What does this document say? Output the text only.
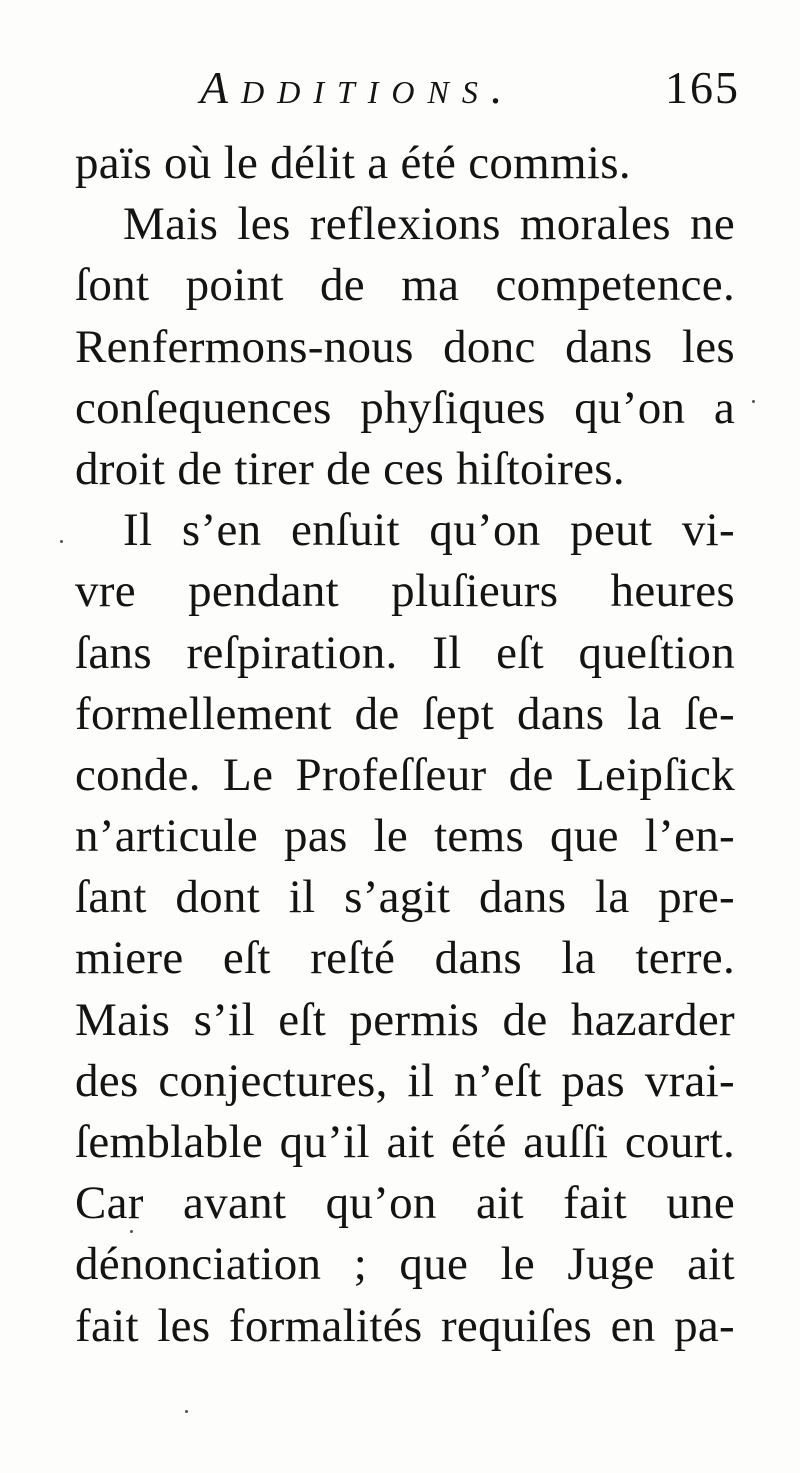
Additions.	165
païs où le délit a été commis.
Mais les reflexions morales ne
ſont point de ma competence.
Renfermons-nous donc dans les
conſequences phyſiques qu’on a
droit de tirer de ces hiſtoires.
Il s’en enſuit qu’on peut vi-
vre pendant pluſieurs heures
ſans reſpiration. Il eſt queſtion
formellement de ſept dans la ſe-
conde. Le Profeſſeur de Leipſick
n’articule pas le tems que l’en-
ſant dont il s’agit dans la pre-
miere eſt reſté dans la terre.
Mais s’il eſt permis de hazarder
des conjectures, il n’eſt pas vrai-
ſemblable qu’il ait été auſſi court.
Car avant qu’on ait fait une
dénonciation ; que le Juge ait
fait les formalités requiſes en pa-
